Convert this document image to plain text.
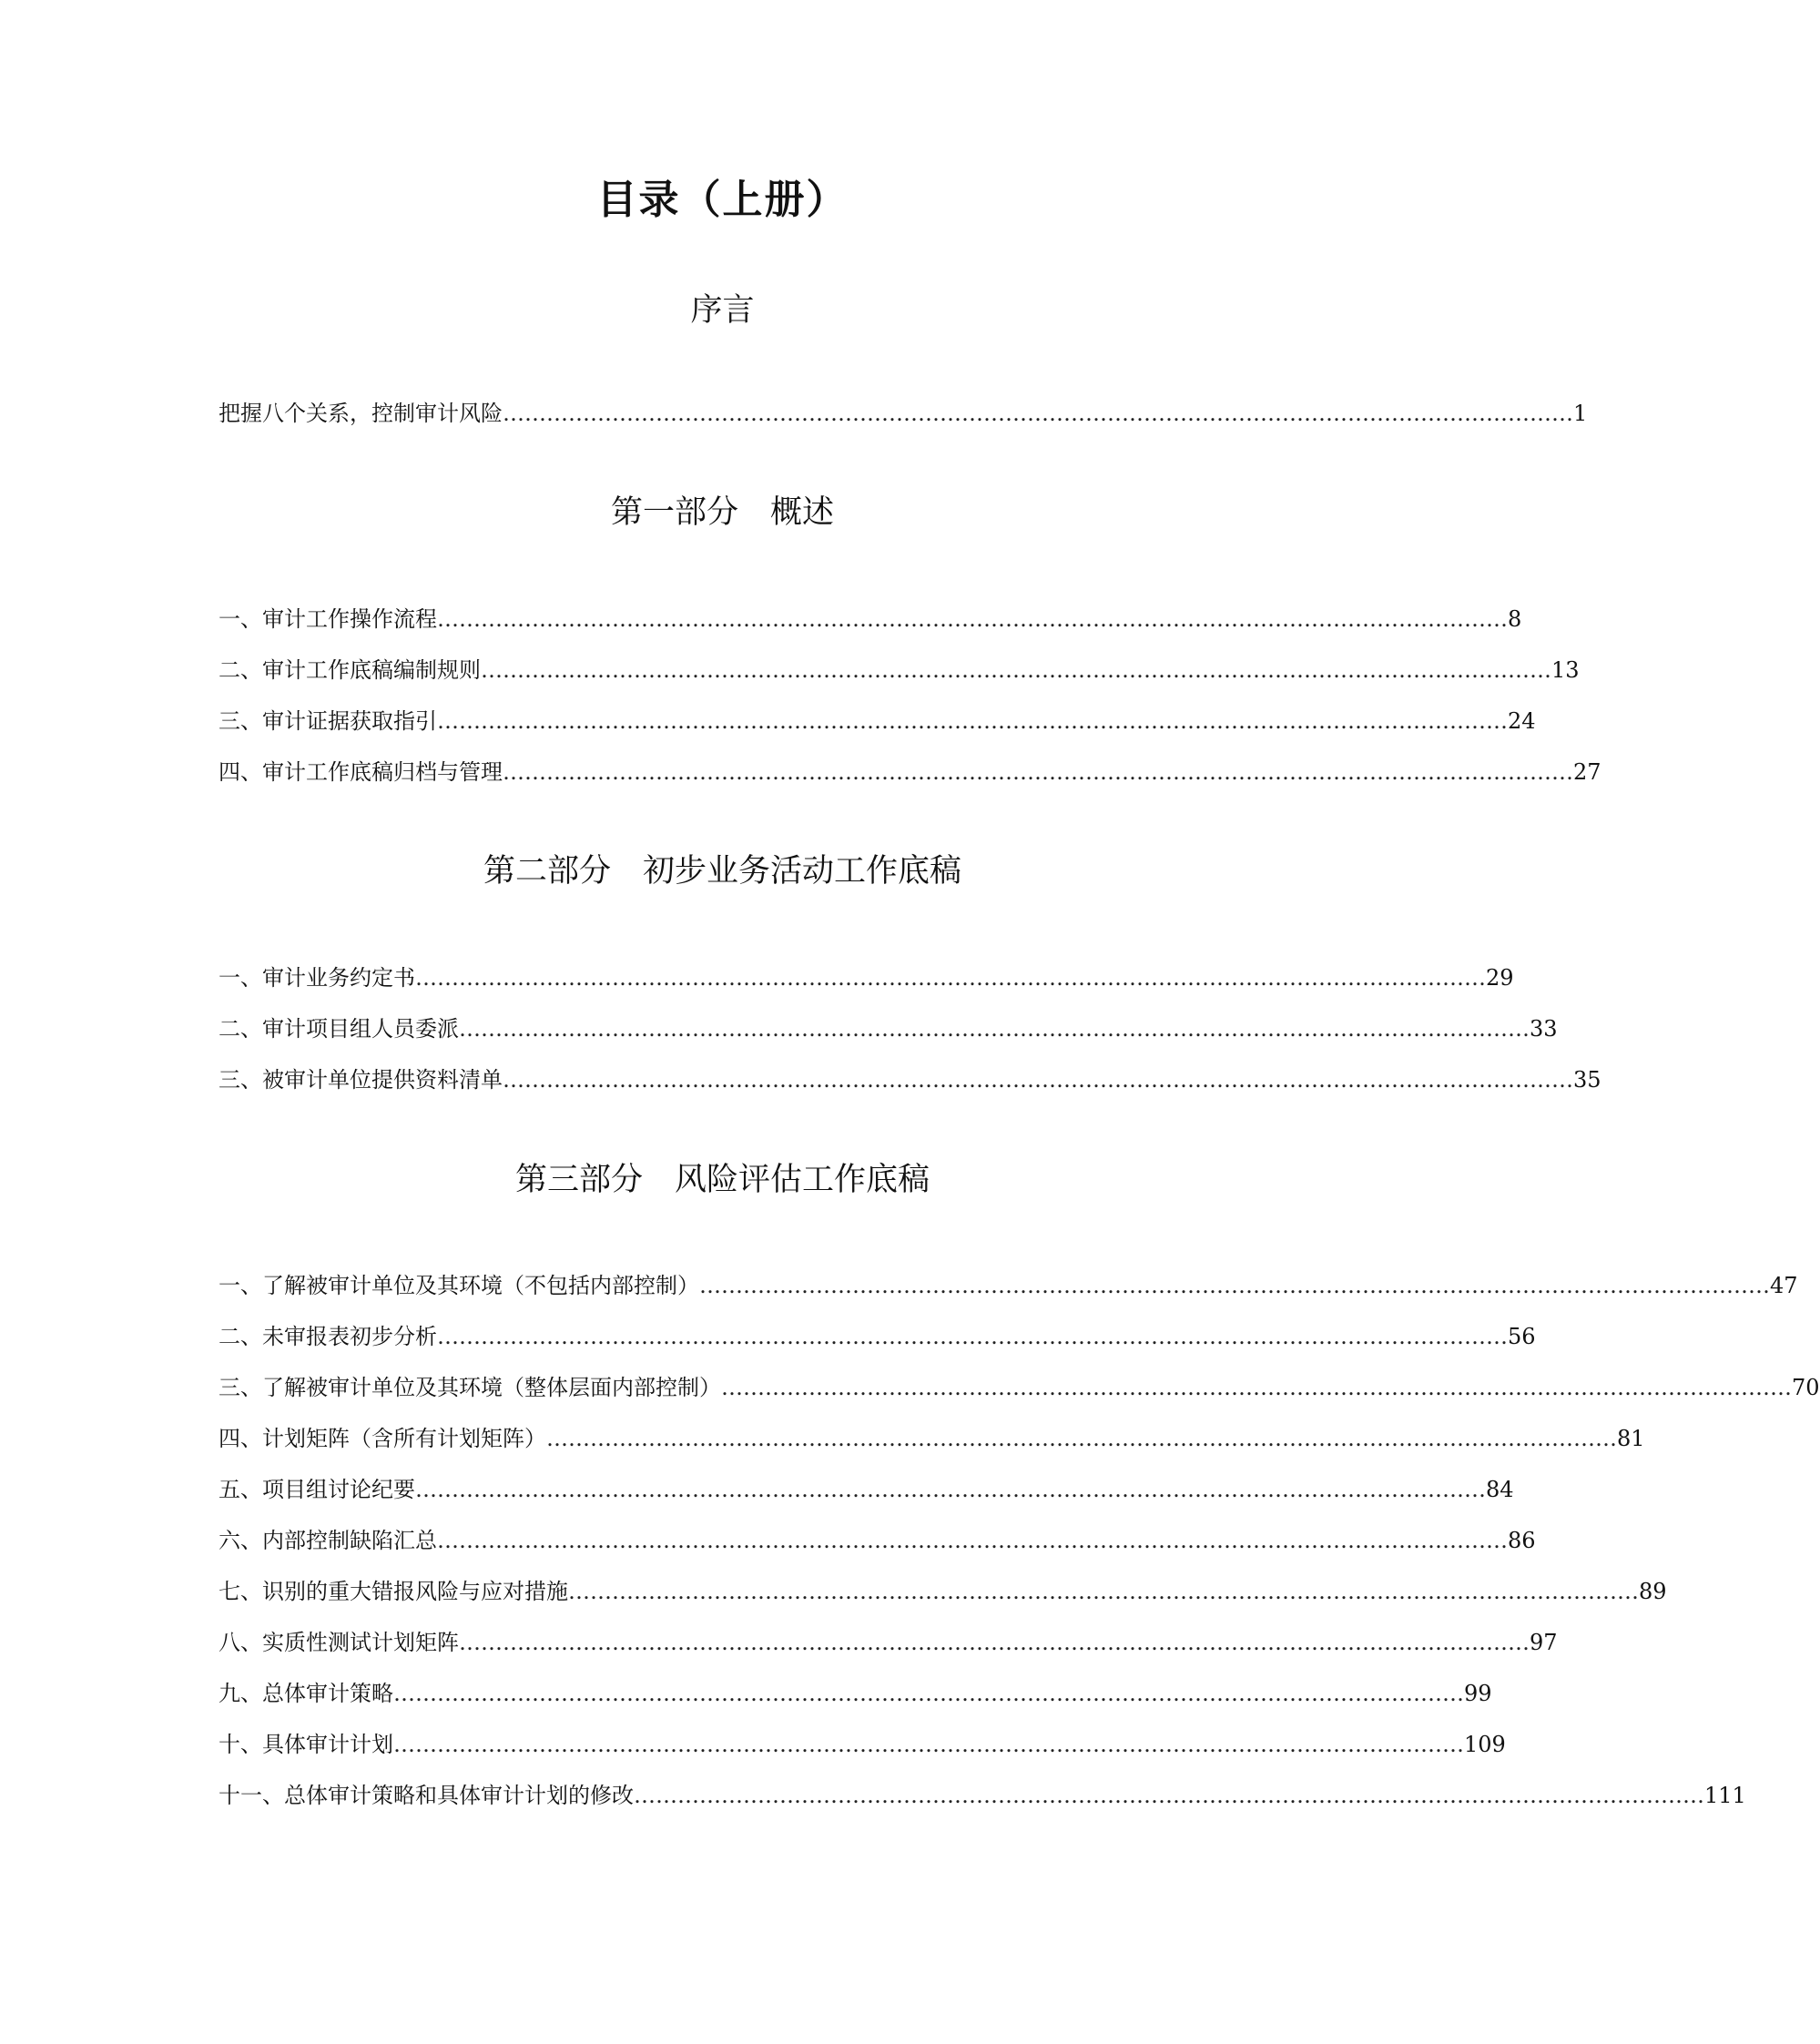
目录（上册）
序言
把握八个关系，控制审计风险 ………………………………………………………………………………………………………………………………… 1
第一部分　概述
一、审计工作操作流程 ………………………………………………………………………………………………………………………………… 8
二、审计工作底稿编制规则 ………………………………………………………………………………………………………………………………… 13
三、审计证据获取指引 ………………………………………………………………………………………………………………………………… 24
四、审计工作底稿归档与管理 ………………………………………………………………………………………………………………………………… 27
第二部分　初步业务活动工作底稿
一、审计业务约定书 ………………………………………………………………………………………………………………………………… 29
二、审计项目组人员委派 ………………………………………………………………………………………………………………………………… 33
三、被审计单位提供资料清单 ………………………………………………………………………………………………………………………………… 35
第三部分　风险评估工作底稿
一、了解被审计单位及其环境（不包括内部控制） ………………………………………………………………………………………………………………………………… 47
二、未审报表初步分析 ………………………………………………………………………………………………………………………………… 56
三、了解被审计单位及其环境（整体层面内部控制） ………………………………………………………………………………………………………………………………… 70
四、计划矩阵（含所有计划矩阵） ………………………………………………………………………………………………………………………………… 81
五、项目组讨论纪要 ………………………………………………………………………………………………………………………………… 84
六、内部控制缺陷汇总 ………………………………………………………………………………………………………………………………… 86
七、识别的重大错报风险与应对措施 ………………………………………………………………………………………………………………………………… 89
八、实质性测试计划矩阵 ………………………………………………………………………………………………………………………………… 97
九、总体审计策略 ………………………………………………………………………………………………………………………………… 99
十、具体审计计划 ………………………………………………………………………………………………………………………………… 109
十一、总体审计策略和具体审计计划的修改 ………………………………………………………………………………………………………………………………… 111
